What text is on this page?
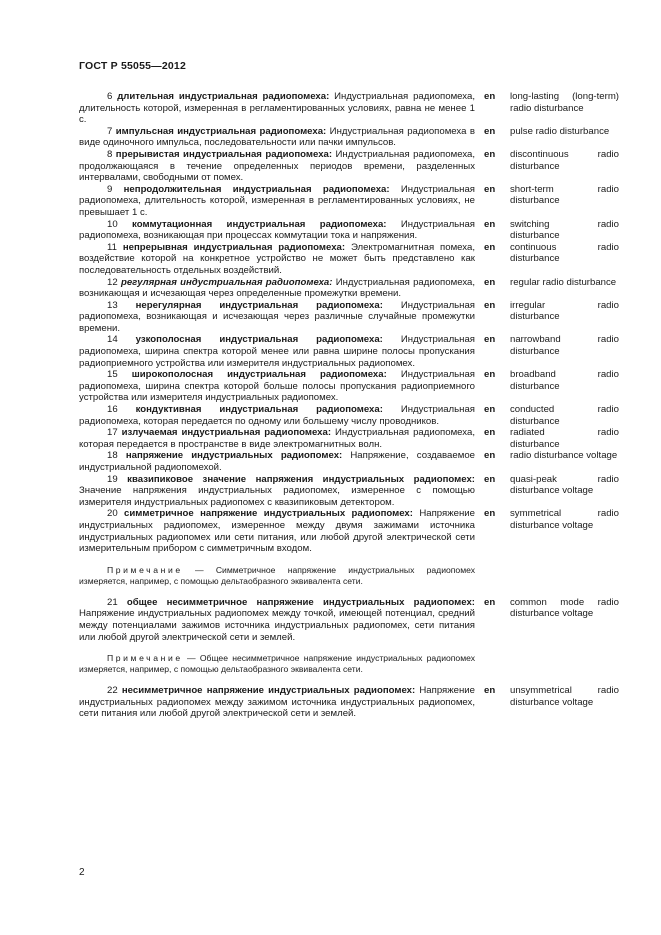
ГОСТ Р 55055—2012
6 длительная индустриальная радиопомеха: Индустриальная радиопомеха, длительность которой, измеренная в регламентированных условиях, равна не менее 1 с.
en	long-lasting (long-term) radio disturbance
7 импульсная индустриальная радиопомеха: Индустриальная радиопомеха в виде одиночного импульса, последовательности или пачки импульсов.
en	pulse radio disturbance
8 прерывистая индустриальная радиопомеха: Индустриальная радиопомеха, продолжающаяся в течение определенных периодов времени, разделенных интервалами, свободными от помех.
en	discontinuous radio disturbance
9 непродолжительная индустриальная радиопомеха: Индустриальная радиопомеха, длительность которой, измеренная в регламентированных условиях, не превышает 1 с.
en	short-term radio disturbance
10 коммутационная индустриальная радиопомеха: Индустриальная радиопомеха, возникающая при процессах коммутации тока и напряжения.
en	switching radio disturbance
11 непрерывная индустриальная радиопомеха: Электромагнитная помеха, воздействие которой на конкретное устройство не может быть представлено как последовательность отдельных воздействий.
en	continuous radio disturbance
12 регулярная индустриальная радиопомеха: Индустриальная радиопомеха, возникающая и исчезающая через определенные промежутки времени.
en	regular radio disturbance
13 нерегулярная индустриальная радиопомеха: Индустриальная радиопомеха, возникающая и исчезающая через различные случайные промежутки времени.
en	irregular radio disturbance
14 узкополосная индустриальная радиопомеха: Индустриальная радиопомеха, ширина спектра которой менее или равна ширине полосы пропускания радиоприемного устройства или измерителя индустриальных радиопомех.
en	narrowband radio disturbance
15 широкополосная индустриальная радиопомеха: Индустриальная радиопомеха, ширина спектра которой больше полосы пропускания радиоприемного устройства или измерителя индустриальных радиопомех.
en	broadband radio disturbance
16 кондуктивная индустриальная радиопомеха: Индустриальная радиопомеха, которая передается по одному или большему числу проводников.
en	conducted radio disturbance
17 излучаемая индустриальная радиопомеха: Индустриальная радиопомеха, которая передается в пространстве в виде электромагнитных волн.
en	radiated radio disturbance
18 напряжение индустриальных радиопомех: Напряжение, создаваемое индустриальной радиопомехой.
en	radio disturbance voltage
19 квазипиковое значение напряжения индустриальных радиопомех: Значение напряжения индустриальных радиопомех, измеренное с помощью измерителя индустриальных радиопомех с квазипиковым детектором.
en	quasi-peak radio disturbance voltage
20 симметричное напряжение индустриальных радиопомех: Напряжение индустриальных радиопомех, измеренное между двумя зажимами источника индустриальных радиопомех или сети питания, или любой другой электрической сети измерительным прибором с симметричным входом.
en	symmetrical radio disturbance voltage
Примечание — Симметричное напряжение индустриальных радиопомех измеряется, например, с помощью дельтаобразного эквивалента сети.
21 общее несимметричное напряжение индустриальных радиопомех: Напряжение индустриальных радиопомех между точкой, имеющей потенциал, средний между потенциалами зажимов источника индустриальных радиопомех, сети питания или любой другой электрической сети и землей.
en	common mode radio disturbance voltage
Примечание — Общее несимметричное напряжение индустриальных радиопомех измеряется, например, с помощью дельтаобразного эквивалента сети.
22 несимметричное напряжение индустриальных радиопомех: Напряжение индустриальных радиопомех между зажимом источника индустриальных радиопомех, сети питания или любой другой электрической сети и землей.
en	unsymmetrical radio disturbance voltage
2
